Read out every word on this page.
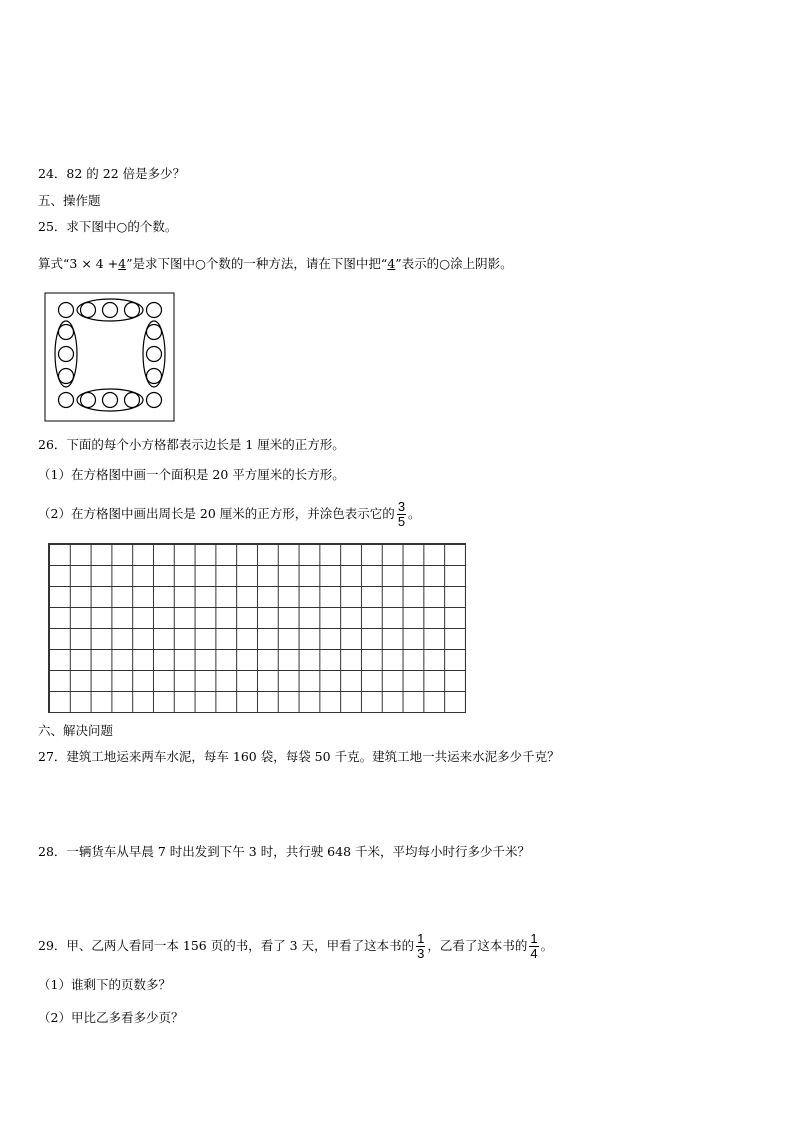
24．82 的 22 倍是多少？
五、操作题
25．求下图中○的个数。
算式“3 × 4 +4”是求下图中○个数的一种方法，请在下图中把“4”表示的○涂上阴影。
26．下面的每个小方格都表示边长是 1 厘米的正方形。
（1）在方格图中画一个面积是 20 平方厘米的长方形。
（2）在方格图中画出周长是 20 厘米的正方形，并涂色表示它的 $\frac{3}{5}$ 。
六、解决问题
27．建筑工地运来两车水泥，每车 160 袋，每袋 50 千克。建筑工地一共运来水泥多少千克？
28．一辆货车从早晨 7 时出发到下午 3 时，共行驶 648 千米，平均每小时行多少千米？
29．甲、乙两人看同一本 156 页的书，看了 3 天，甲看了这本书的 $\frac{1}{3}$ ，乙看了这本书的 $\frac{1}{4}$ 。
（1）谁剩下的页数多？
（2）甲比乙多看多少页？
